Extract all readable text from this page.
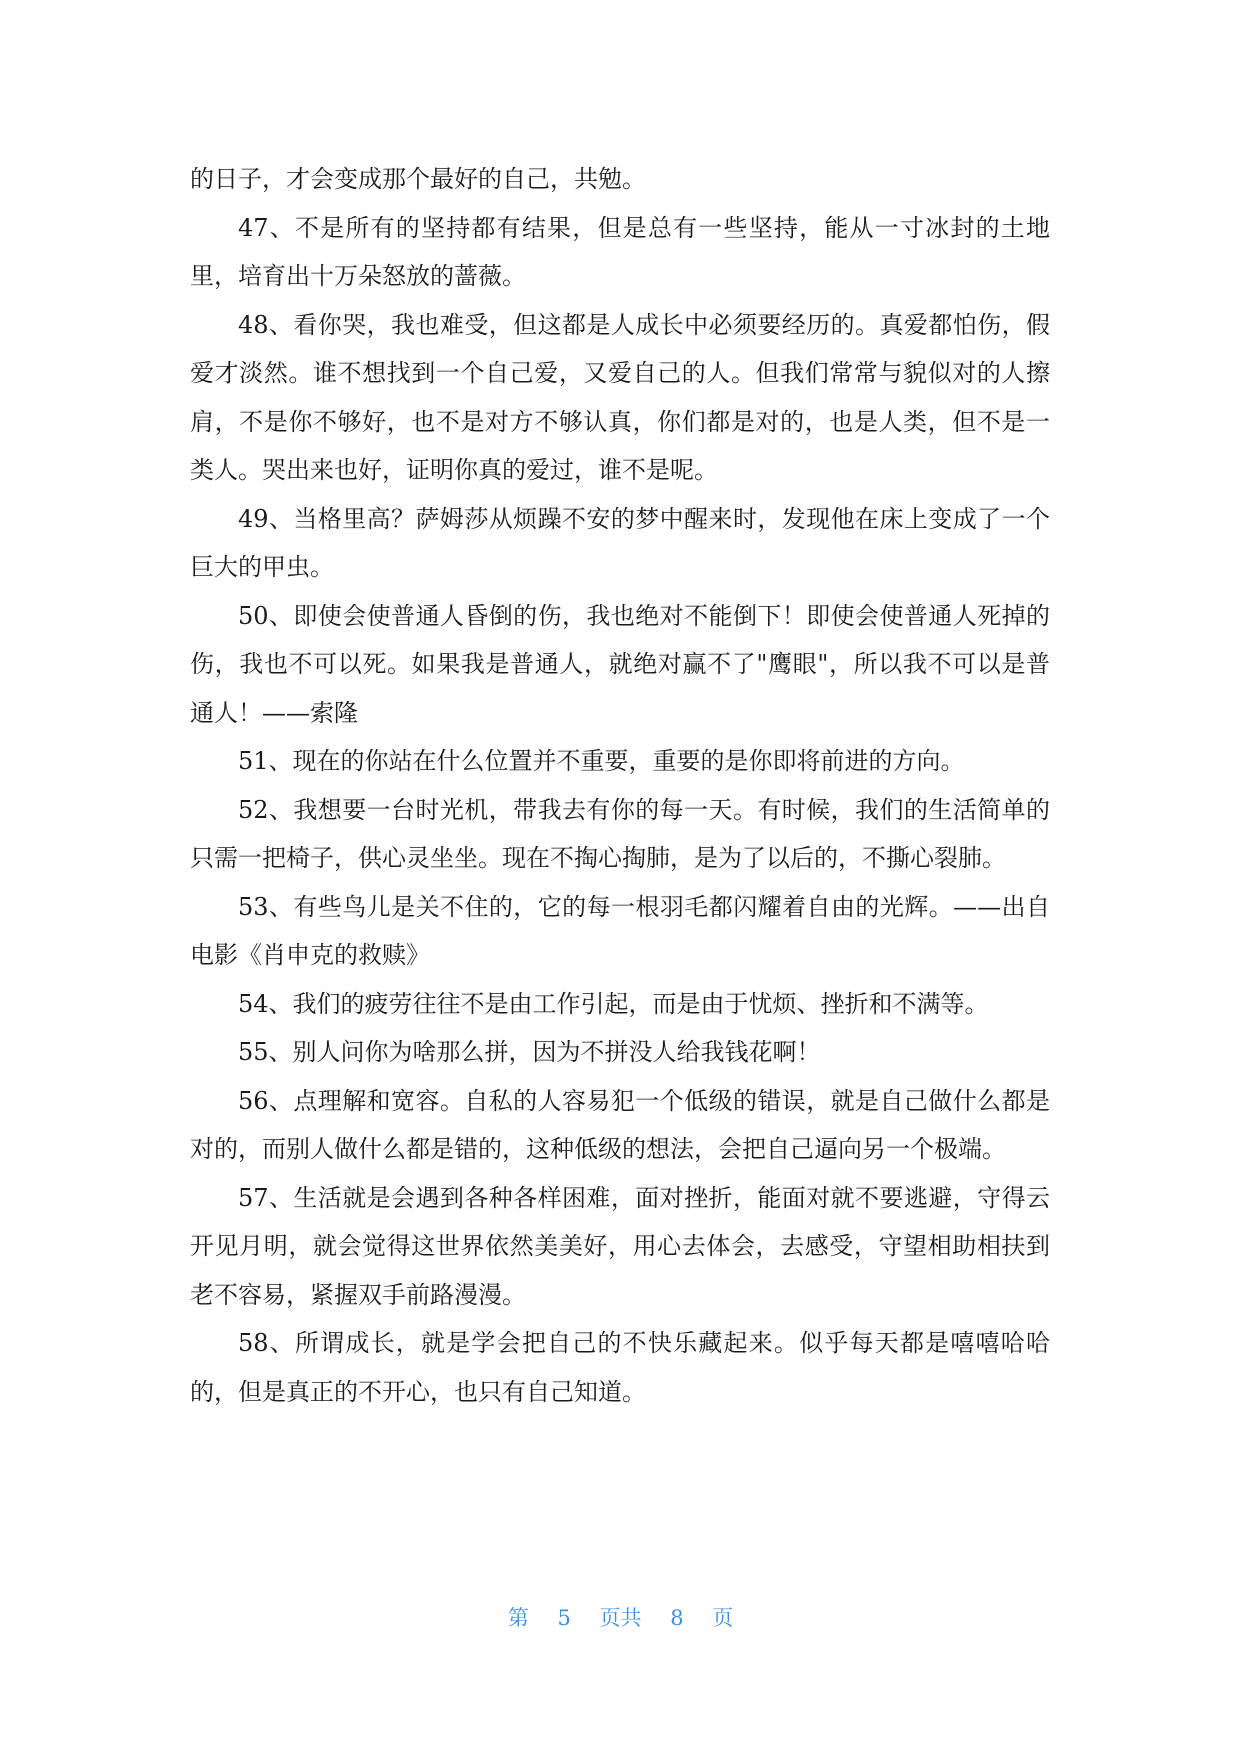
的日子，才会变成那个最好的自己，共勉。

47、不是所有的坚持都有结果，但是总有一些坚持，能从一寸冰封的土地里，培育出十万朵怒放的蔷薇。

48、看你哭，我也难受，但这都是人成长中必须要经历的。真爱都怕伤，假爱才淡然。谁不想找到一个自己爱，又爱自己的人。但我们常常与貌似对的人擦肩，不是你不够好，也不是对方不够认真，你们都是对的，也是人类，但不是一类人。哭出来也好，证明你真的爱过，谁不是呢。

49、当格里高？萨姆莎从烦躁不安的梦中醒来时，发现他在床上变成了一个巨大的甲虫。

50、即使会使普通人昏倒的伤，我也绝对不能倒下！即使会使普通人死掉的伤，我也不可以死。如果我是普通人，就绝对赢不了"鹰眼"，所以我不可以是普通人！——索隆

51、现在的你站在什么位置并不重要，重要的是你即将前进的方向。

52、我想要一台时光机，带我去有你的每一天。有时候，我们的生活简单的只需一把椅子，供心灵坐坐。现在不掏心掏肺，是为了以后的，不撕心裂肺。

53、有些鸟儿是关不住的，它的每一根羽毛都闪耀着自由的光辉。——出自 电影《肖申克的救赎》

54、我们的疲劳往往不是由工作引起，而是由于忧烦、挫折和不满等。

55、别人问你为啥那么拼，因为不拼没人给我钱花啊！

56、点理解和宽容。自私的人容易犯一个低级的错误，就是自己做什么都是对的，而别人做什么都是错的，这种低级的想法，会把自己逼向另一个极端。

57、生活就是会遇到各种各样困难，面对挫折，能面对就不要逃避，守得云开见月明，就会觉得这世界依然美美好，用心去体会，去感受，守望相助相扶到老不容易，紧握双手前路漫漫。

58、所谓成长，就是学会把自己的不快乐藏起来。似乎每天都是嘻嘻哈哈的，但是真正的不开心，也只有自己知道。

第 5 页共 8 页
